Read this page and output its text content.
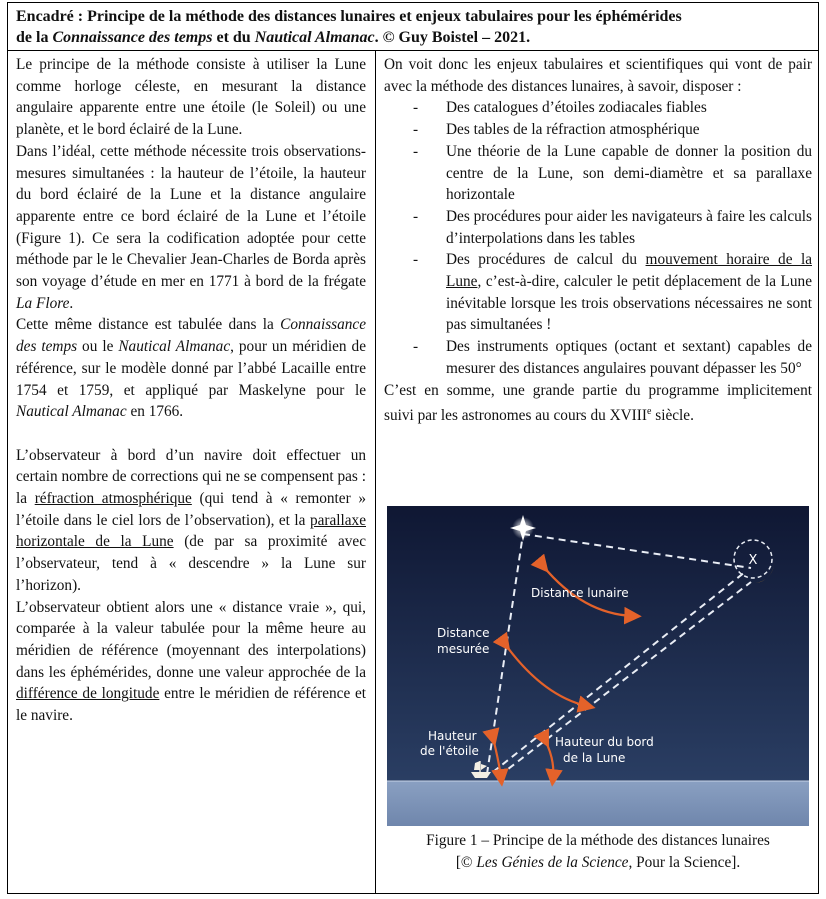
Encadré : Principe de la méthode des distances lunaires et enjeux tabulaires pour les éphémérides
de la Connaissance des temps et du Nautical Almanac. © Guy Boistel – 2021.

Le principe de la méthode consiste à utiliser la Lune comme horloge céleste, en mesurant la distance angulaire apparente entre une étoile (le Soleil) ou une planète, et le bord éclairé de la Lune.

Dans l’idéal, cette méthode nécessite trois observations-mesures simultanées : la hauteur de l’étoile, la hauteur du bord éclairé de la Lune et la distance angulaire apparente entre ce bord éclairé de la Lune et l’étoile (Figure 1). Ce sera la codification adoptée pour cette méthode par le le Chevalier Jean-Charles de Borda après son voyage d’étude en mer en 1771 à bord de la frégate La Flore.

Cette même distance est tabulée dans la Connaissance des temps ou le Nautical Almanac, pour un méridien de référence, sur le modèle donné par l’abbé Lacaille entre 1754 et 1759, et appliqué par Maskelyne pour le Nautical Almanac en 1766.

L’observateur à bord d’un navire doit effectuer un certain nombre de corrections qui ne se compensent pas : la réfraction atmosphérique (qui tend à « remonter » l’étoile dans le ciel lors de l’observation), et la parallaxe horizontale de la Lune (de par sa proximité avec l’observateur, tend à « descendre » la Lune sur l’horizon).

L’observateur obtient alors une « distance vraie », qui, comparée à la valeur tabulée pour la même heure au méridien de référence (moyennant des interpolations) dans les éphémérides, donne une valeur approchée de la différence de longitude entre le méridien de référence et le navire.

On voit donc les enjeux tabulaires et scientifiques qui vont de pair avec la méthode des distances lunaires, à savoir, disposer :

- Des catalogues d’étoiles zodiacales fiables
- Des tables de la réfraction atmosphérique
- Une théorie de la Lune capable de donner la position du centre de la Lune, son demi-diamètre et sa parallaxe horizontale
- Des procédures pour aider les navigateurs à faire les calculs d’interpolations dans les tables
- Des procédures de calcul du mouvement horaire de la Lune, c’est-à-dire, calculer le petit déplacement de la Lune inévitable lorsque les trois observations nécessaires ne sont pas simultanées !
- Des instruments optiques (octant et sextant) capables de mesurer des distances angulaires pouvant dépasser les 50°

C’est en somme, une grande partie du programme implicitement suivi par les astronomes au cours du XVIIIe siècle.

X
Distance lunaire
Distance
mesurée
Hauteur
de l'étoile
Hauteur du bord
de la Lune
Figure 1 – Principe de la méthode des distances lunaires
[© Les Génies de la Science, Pour la Science].
